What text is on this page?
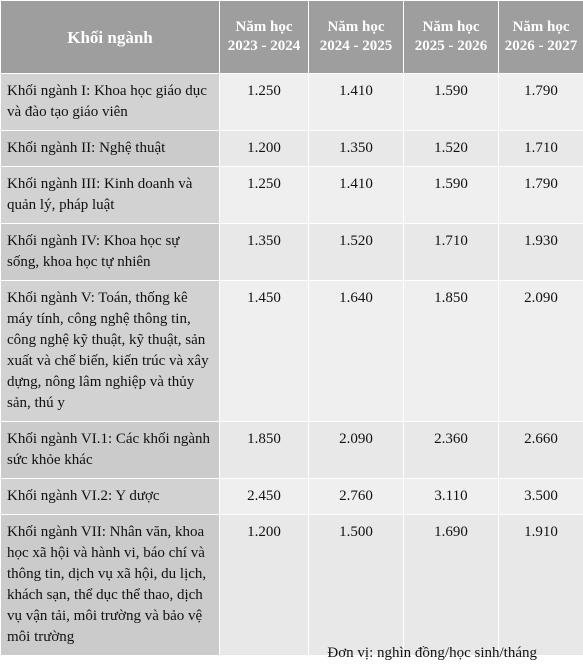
Khối ngành	Năm học 2023 - 2024	Năm học 2024 - 2025	Năm học 2025 - 2026	Năm học 2026 - 2027
Khối ngành I: Khoa học giáo dục và đào tạo giáo viên	1.250	1.410	1.590	1.790
Khối ngành II: Nghệ thuật	1.200	1.350	1.520	1.710
Khối ngành III: Kinh doanh và quản lý, pháp luật	1.250	1.410	1.590	1.790
Khối ngành IV: Khoa học sự sống, khoa học tự nhiên	1.350	1.520	1.710	1.930
Khối ngành V: Toán, thống kê máy tính, công nghệ thông tin, công nghệ kỹ thuật, kỹ thuật, sản xuất và chế biến, kiến trúc và xây dựng, nông lâm nghiệp và thủy sản, thú y	1.450	1.640	1.850	2.090
Khối ngành VI.1: Các khối ngành sức khỏe khác	1.850	2.090	2.360	2.660
Khối ngành VI.2: Y dược	2.450	2.760	3.110	3.500
Khối ngành VII: Nhân văn, khoa học xã hội và hành vi, báo chí và thông tin, dịch vụ xã hội, du lịch, khách sạn, thể dục thể thao, dịch vụ vận tải, môi trường và bảo vệ môi trường	1.200	1.500	1.690	1.910
Đơn vị: nghìn đồng/học sinh/tháng
